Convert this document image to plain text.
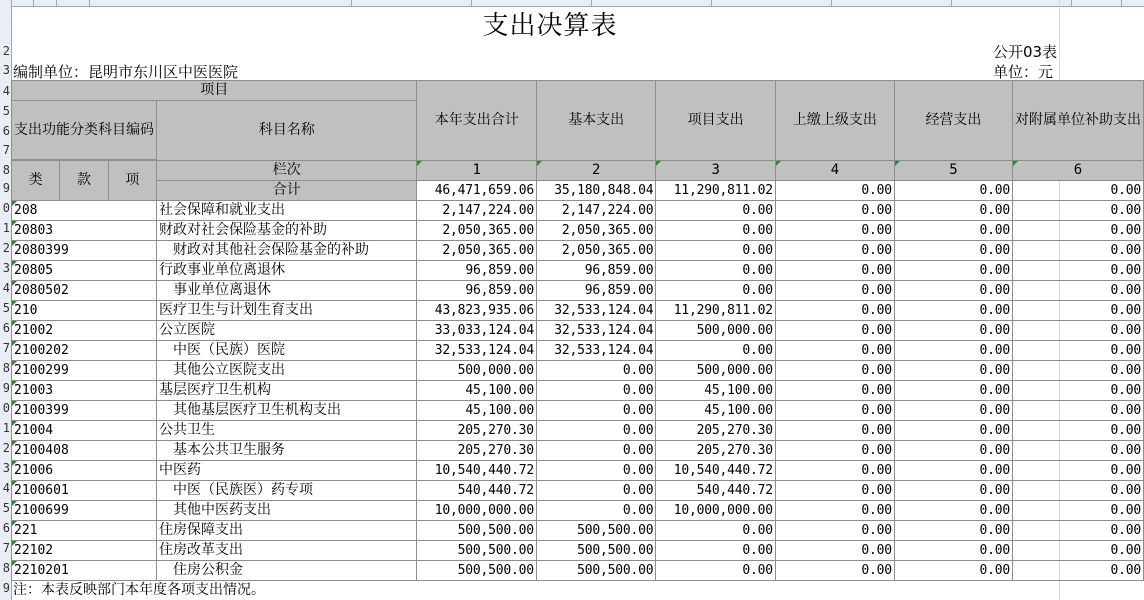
2
3
4
5
6
7
8
9
0
1
2
3
4
5
6
7
8
9
0
1
2
3
4
5
6
7
8
9
支出决算表
公开03表
编制单位：昆明市东川区中医医院	单位：元
项目				本年支出合计	基本支出	项目支出	上缴上级支出	经营支出	对附属单位补助支出
支出功能分类科目编码			科目名称						

类	款	项	栏次	1	2	3	4	5	6
			合计	46,471,659.06	35,180,848.04	11,290,811.02	0.00	0.00	0.00

208			社会保障和就业支出	2,147,224.00	2,147,224.00	0.00	0.00	0.00	0.00

20803			财政对社会保险基金的补助	2,050,365.00	2,050,365.00	0.00	0.00	0.00	0.00

2080399			财政对其他社会保险基金的补助	2,050,365.00	2,050,365.00	0.00	0.00	0.00	0.00

20805			行政事业单位离退休	96,859.00	96,859.00	0.00	0.00	0.00	0.00

2080502			事业单位离退休	96,859.00	96,859.00	0.00	0.00	0.00	0.00

210			医疗卫生与计划生育支出	43,823,935.06	32,533,124.04	11,290,811.02	0.00	0.00	0.00

21002			公立医院	33,033,124.04	32,533,124.04	500,000.00	0.00	0.00	0.00

2100202			中医（民族）医院	32,533,124.04	32,533,124.04	0.00	0.00	0.00	0.00

2100299			其他公立医院支出	500,000.00	0.00	500,000.00	0.00	0.00	0.00

21003			基层医疗卫生机构	45,100.00	0.00	45,100.00	0.00	0.00	0.00

2100399			其他基层医疗卫生机构支出	45,100.00	0.00	45,100.00	0.00	0.00	0.00

21004			公共卫生	205,270.30	0.00	205,270.30	0.00	0.00	0.00

2100408			基本公共卫生服务	205,270.30	0.00	205,270.30	0.00	0.00	0.00

21006			中医药	10,540,440.72	0.00	10,540,440.72	0.00	0.00	0.00

2100601			中医（民族医）药专项	540,440.72	0.00	540,440.72	0.00	0.00	0.00

2100699			其他中医药支出	10,000,000.00	0.00	10,000,000.00	0.00	0.00	0.00

221			住房保障支出	500,500.00	500,500.00	0.00	0.00	0.00	0.00

22102			住房改革支出	500,500.00	500,500.00	0.00	0.00	0.00	0.00

2210201			住房公积金	500,500.00	500,500.00	0.00	0.00	0.00	0.00
注：本表反映部门本年度各项支出情况。
